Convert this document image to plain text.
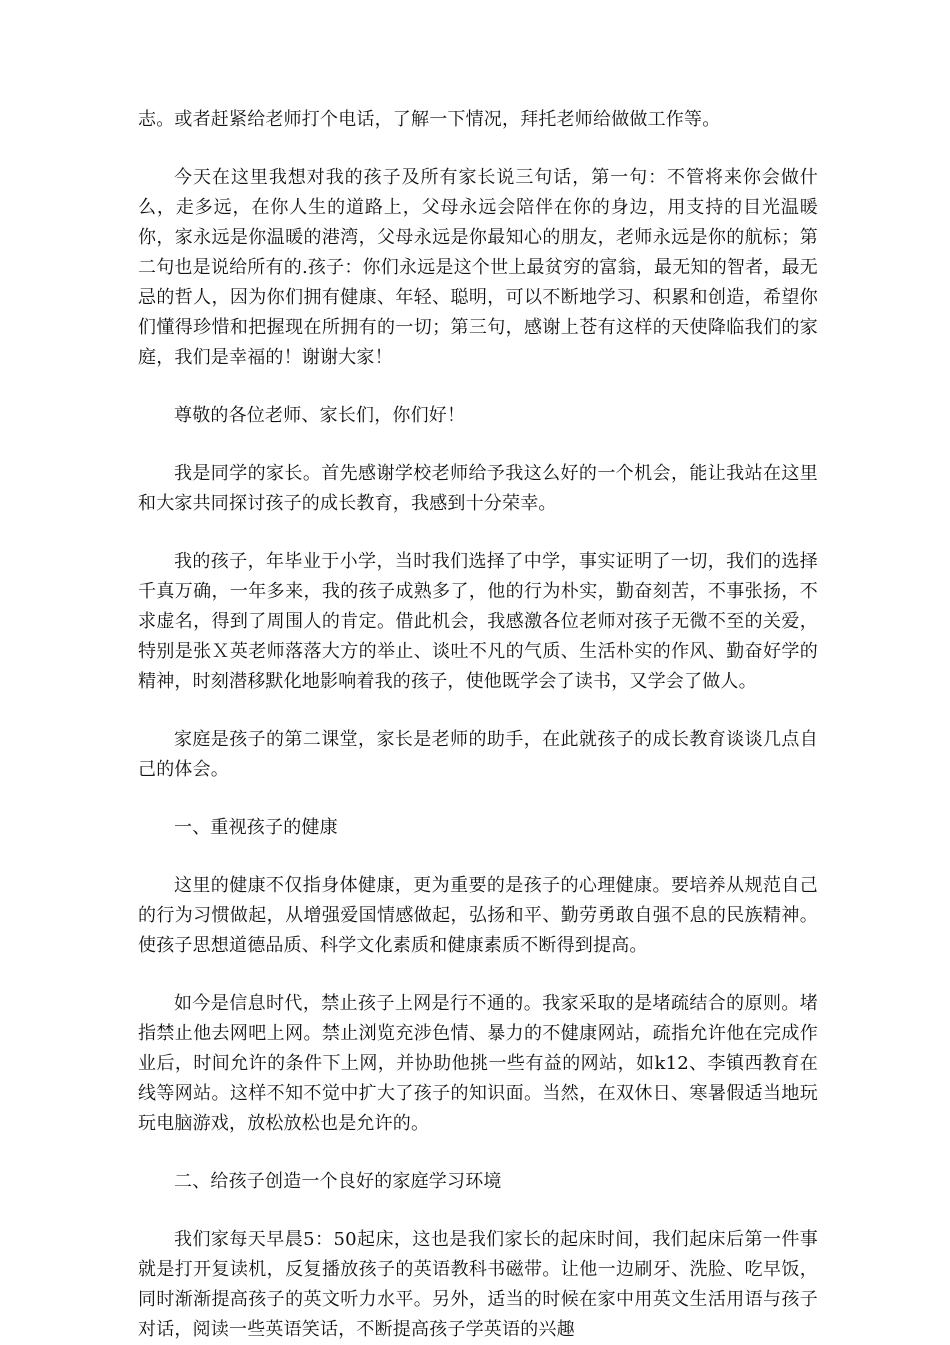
志。或者赶紧给老师打个电话，了解一下情况，拜托老师给做做工作等。

今天在这里我想对我的孩子及所有家长说三句话，第一句：不管将来你会做什么，走多远，在你人生的道路上，父母永远会陪伴在你的身边，用支持的目光温暖你，家永远是你温暖的港湾，父母永远是你最知心的朋友，老师永远是你的航标；第二句也是说给所有的.孩子：你们永远是这个世上最贫穷的富翁，最无知的智者，最无忌的哲人，因为你们拥有健康、年轻、聪明，可以不断地学习、积累和创造，希望你们懂得珍惜和把握现在所拥有的一切；第三句，感谢上苍有这样的天使降临我们的家庭，我们是幸福的！谢谢大家！

尊敬的各位老师、家长们，你们好！

我是同学的家长。首先感谢学校老师给予我这么好的一个机会，能让我站在这里和大家共同探讨孩子的成长教育，我感到十分荣幸。

我的孩子，年毕业于小学，当时我们选择了中学，事实证明了一切，我们的选择千真万确，一年多来，我的孩子成熟多了，他的行为朴实，勤奋刻苦，不事张扬，不求虚名，得到了周围人的肯定。借此机会，我感激各位老师对孩子无微不至的关爱，特别是张Ｘ英老师落落大方的举止、谈吐不凡的气质、生活朴实的作风、勤奋好学的精神，时刻潜移默化地影响着我的孩子，使他既学会了读书，又学会了做人。

家庭是孩子的第二课堂，家长是老师的助手，在此就孩子的成长教育谈谈几点自己的体会。

一、重视孩子的健康

这里的健康不仅指身体健康，更为重要的是孩子的心理健康。要培养从规范自己的行为习惯做起，从增强爱国情感做起，弘扬和平、勤劳勇敢自强不息的民族精神。使孩子思想道德品质、科学文化素质和健康素质不断得到提高。

如今是信息时代，禁止孩子上网是行不通的。我家采取的是堵疏结合的原则。堵指禁止他去网吧上网。禁止浏览充涉色情、暴力的不健康网站，疏指允许他在完成作业后，时间允许的条件下上网，并协助他挑一些有益的网站，如k12、李镇西教育在线等网站。这样不知不觉中扩大了孩子的知识面。当然，在双休日、寒暑假适当地玩玩电脑游戏，放松放松也是允许的。

二、给孩子创造一个良好的家庭学习环境

我们家每天早晨5：50起床，这也是我们家长的起床时间，我们起床后第一件事就是打开复读机，反复播放孩子的英语教科书磁带。让他一边刷牙、洗脸、吃早饭，同时渐渐提高孩子的英文听力水平。另外，适当的时候在家中用英文生活用语与孩子对话，阅读一些英语笑话，不断提高孩子学英语的兴趣
